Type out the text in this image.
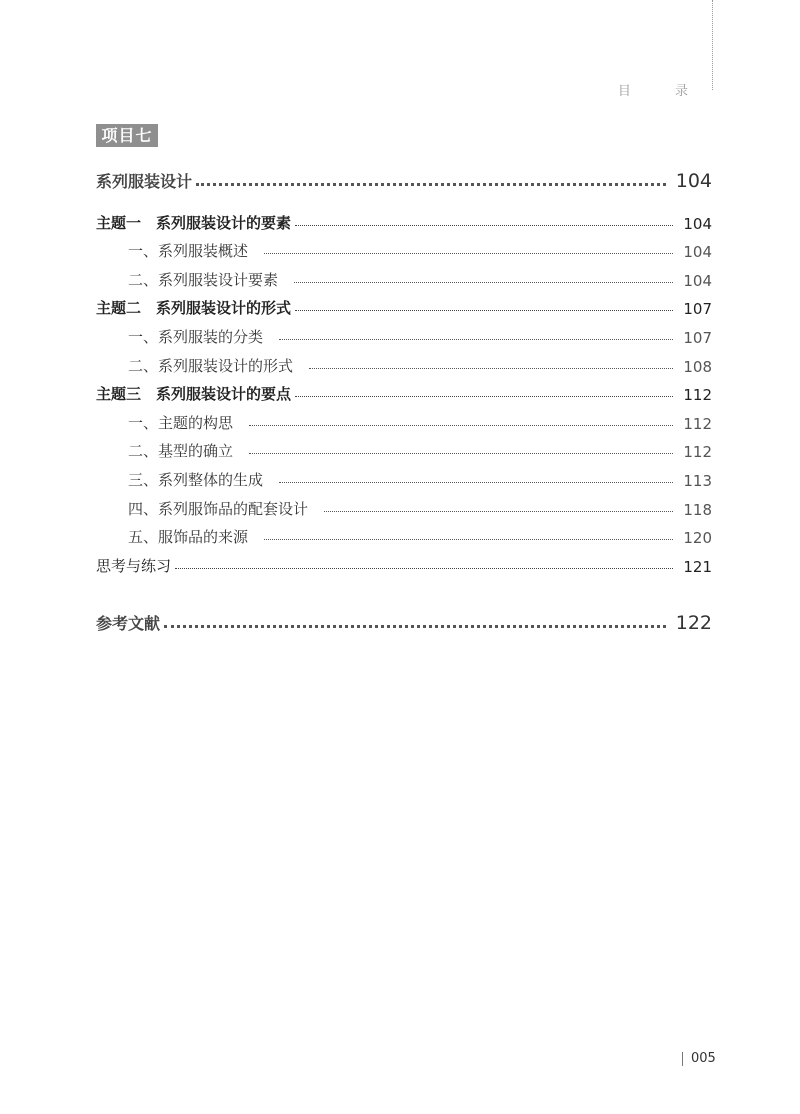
目 录
项目七
系列服装设计	104
主题一　系列服装设计的要素	104
一、系列服装概述	104
二、系列服装设计要素	104
主题二　系列服装设计的形式	107
一、系列服装的分类	107
二、系列服装设计的形式	108
主题三　系列服装设计的要点	112
一、主题的构思	112
二、基型的确立	112
三、系列整体的生成	113
四、系列服饰品的配套设计	118
五、服饰品的来源	120
思考与练习	121
参考文献	122
005
